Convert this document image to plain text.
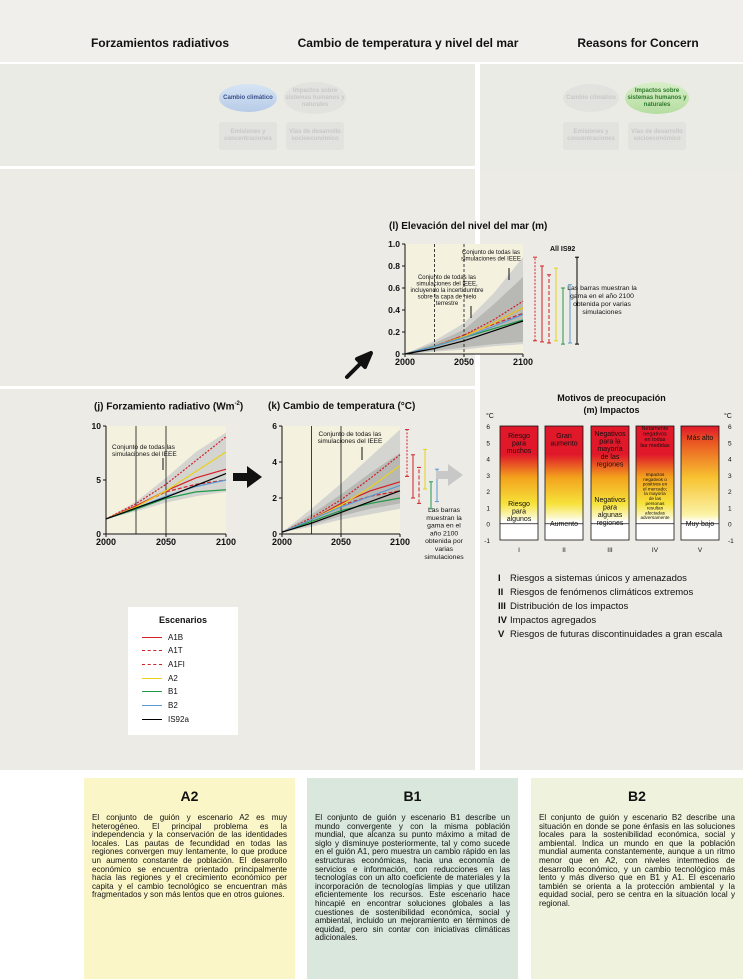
Forzamientos radiativos	Cambio de temperatura y nivel del mar	Reasons for Concern
Cambio climático
Impactos sobre sistemas humanos y naturales
Emisiones y concentraciones
Vías de desarrollo socioeconómico
Cambio climático
Impactos sobre sistemas humanos y naturales
Emisiones y concentraciones
Vías de desarrollo socioeconómico
(l) Elevación del nivel del mar (m)
2000	2050	2100
0
0.2
0.4
0.6
0.8
1.0
Conjunto de todas las
simulaciones del IEEE
Conjunto de todas las
simulaciones del IEEE,
incluyendo la incertidumbre
sobre la capa de hielo
terrestre
All IS92
Las barras muestran la
gama en el año 2100
obtenida por varias
simulaciones
(j) Forzamiento radiativo $(Wm^{-2})$
2000	2050	2100
0
5
10
Conjunto de todas las
simulaciones del IEEE
(k) Cambio de temperatura (°C)
2000	2050	2100
0
2
4
6
Conjunto de todas las
simulaciones del IEEE
Las barras
muestran la
gama en el
año 2100
obtenida por
varias
simulaciones
Escenarios
A1B
A1T
A1FI
A2
B1
B2
IS92a
Motivos de preocupación
(m) Impactos
°C	°C
6	6
5	5
4	4
3	3
2	2
1	1
0	0
-1	-1
I	II	III	IV	V
Riesgo
para
muchos
Riesgo
para
algunos
Gran
aumento
Aumento
Negativos
para la
mayoría
de las
regiones
Negativos
para
algunas
regiones
Netamente
negativos
en todas
las medidas
Impactos
negativos o
positivos en
el mercado;
la mayoría
de las
personas
resultan
afectadas
adversamente
Más alto
Muy bajo
I Riesgos a sistemas únicos y amenazados
II Riesgos de fenómenos climáticos extremos
III Distribución de los impactos
IV Impactos agregados
V Riesgos de futuras discontinuidades a gran escala
A2

El conjunto de guión y escenario A2 es muy heterogéneo. El principal problema es la independencia y la conservación de las identidades locales. Las pautas de fecundidad en todas las regiones convergen muy lentamente, lo que produce un aumento constante de población. El desarrollo económico se encuentra orientado principalmente hacia las regiones y el crecimiento económico per capita y el cambio tecnológico se encuentran más fragmentados y son más lentos que en otros guiones.

B1

El conjunto de guión y escenario B1 describe un mundo convergente y con la misma población mundial, que alcanza su punto máximo a mitad de siglo y disminuye posteriormente, tal y como sucede en el guión A1, pero muestra un cambio rápido en las estructuras económicas, hacia una economía de servicios e información, con reducciones en las tecnologías con un alto coeficiente de materiales y la incorporación de tecnologías limpias y que utilizan eficientemente los recursos. Este escenario hace hincapié en encontrar soluciones globales a las cuestiones de sostenibilidad económica, social y ambiental, incluido un mejoramiento en términos de equidad, pero sin contar con iniciativas climáticas adicionales.

B2

El conjunto de guión y escenario B2 describe una situación en donde se pone énfasis en las soluciones locales para la sostenibilidad económica, social y ambiental. Indica un mundo en que la población mundial aumenta constantemente, aunque a un ritmo menor que en A2, con niveles intermedios de desarrollo económico, y un cambio tecnológico más lento y más diverso que en B1 y A1. El escenario también se orienta a la protección ambiental y la equidad social, pero se centra en la situación local y regional.
